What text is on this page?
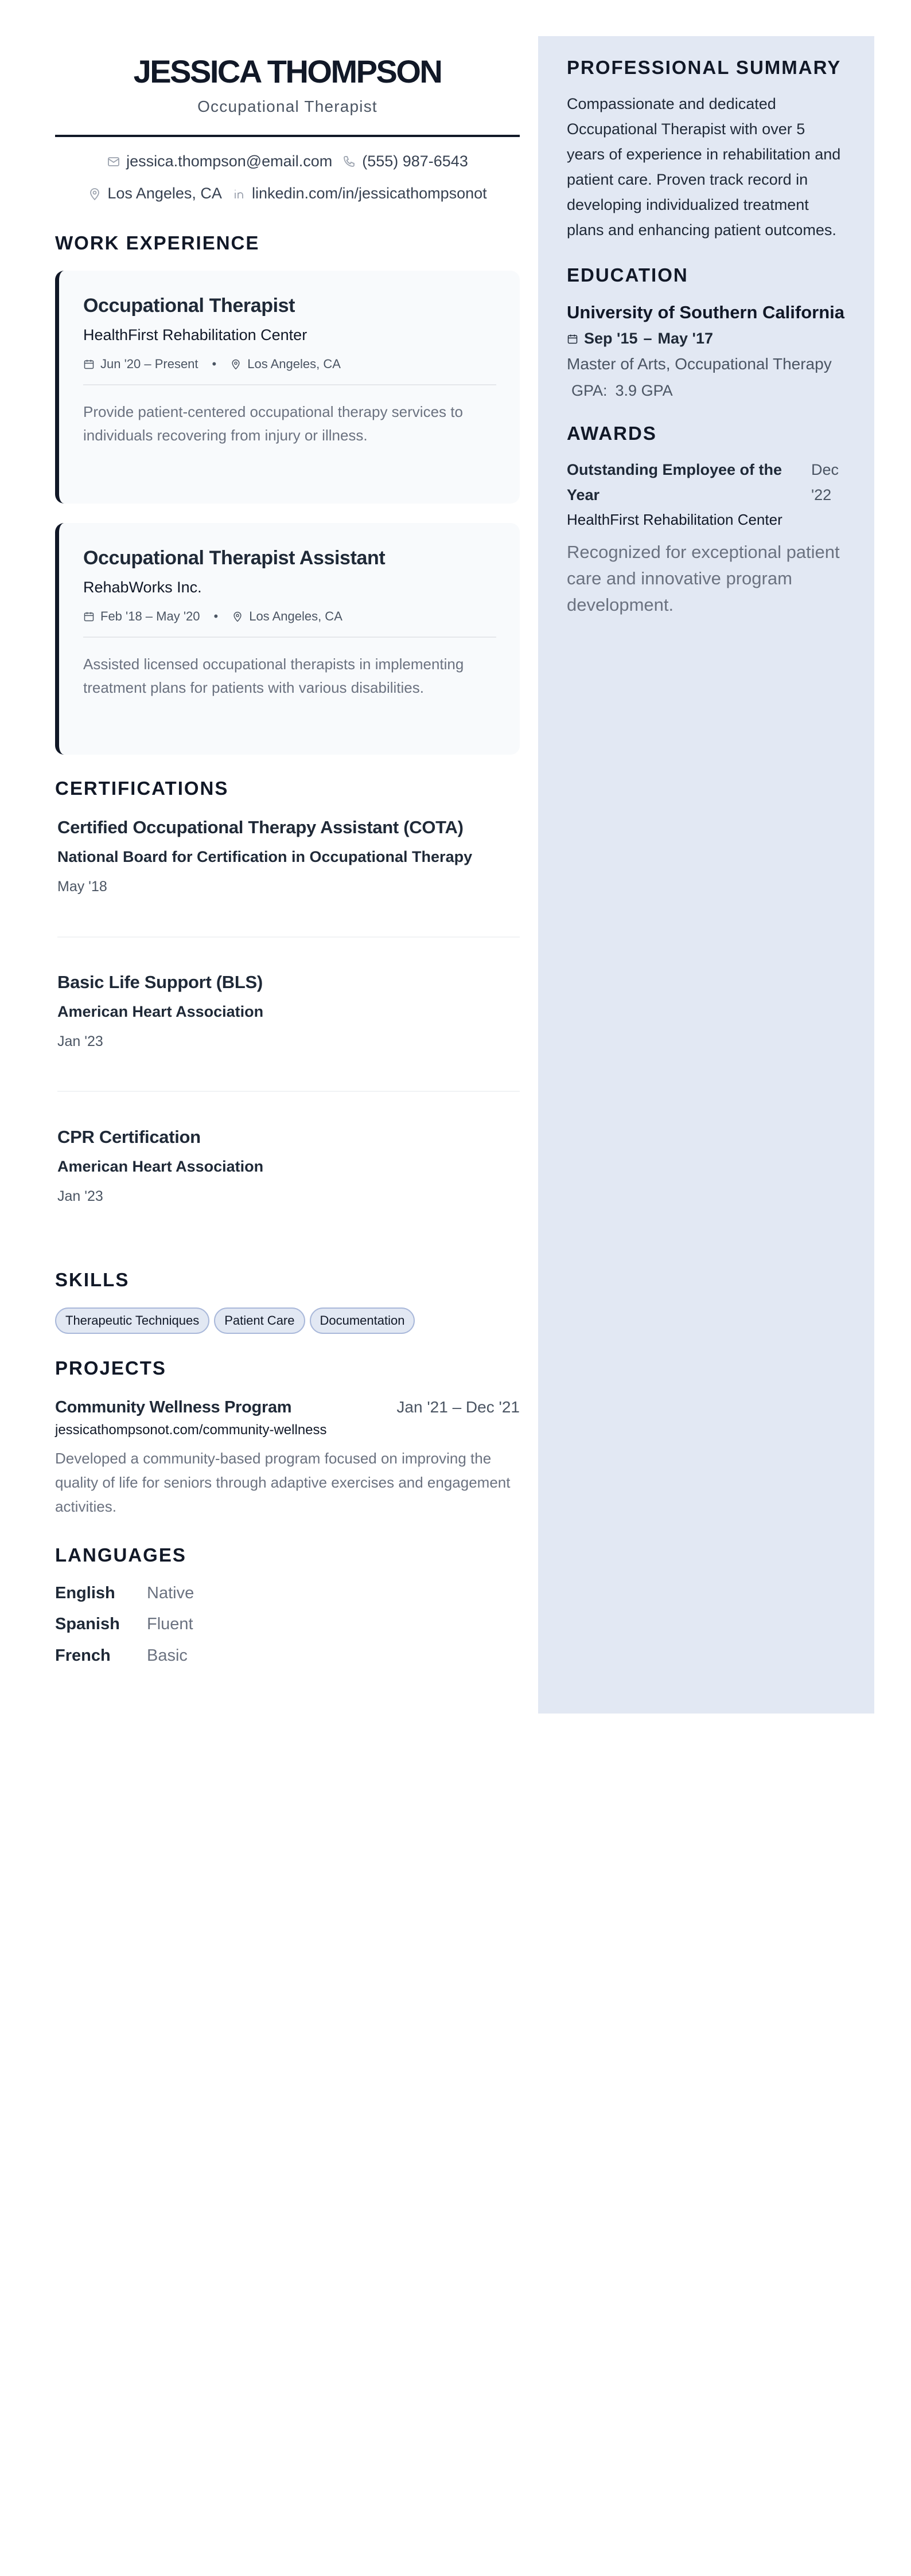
JESSICA THOMPSON
Occupational Therapist
jessica.thompson@email.com (555) 987-6543
Los Angeles, CA linkedin.com/in/jessicathompsonot
WORK EXPERIENCE
Occupational Therapist
HealthFirst Rehabilitation Center
Jun '20 – Present • Los Angeles, CA
Provide patient-centered occupational therapy services to individuals recovering from injury or illness.
Occupational Therapist Assistant
RehabWorks Inc.
Feb '18 – May '20 • Los Angeles, CA
Assisted licensed occupational therapists in implementing treatment plans for patients with various disabilities.
CERTIFICATIONS
Certified Occupational Therapy Assistant (COTA)
National Board for Certification in Occupational Therapy
May '18
Basic Life Support (BLS)
American Heart Association
Jan '23
CPR Certification
American Heart Association
Jan '23
SKILLS
Therapeutic Techniques	Patient Care	Documentation
PROJECTS
Community Wellness Program	Jan '21 – Dec '21
jessicathompsonot.com/community-wellness
Developed a community-based program focused on improving the quality of life for seniors through adaptive exercises and engagement activities.
LANGUAGES
English	Native
Spanish	Fluent
French	Basic
PROFESSIONAL SUMMARY
Compassionate and dedicated Occupational Therapist with over 5 years of experience in rehabilitation and patient care. Proven track record in developing individualized treatment plans and enhancing patient outcomes.
EDUCATION
University of Southern California
Sep '15 – May '17
Master of Arts, Occupational Therapy
GPA: 3.9 GPA
AWARDS
Outstanding Employee of the Year
Dec '22
HealthFirst Rehabilitation Center
Recognized for exceptional patient care and innovative program development.
